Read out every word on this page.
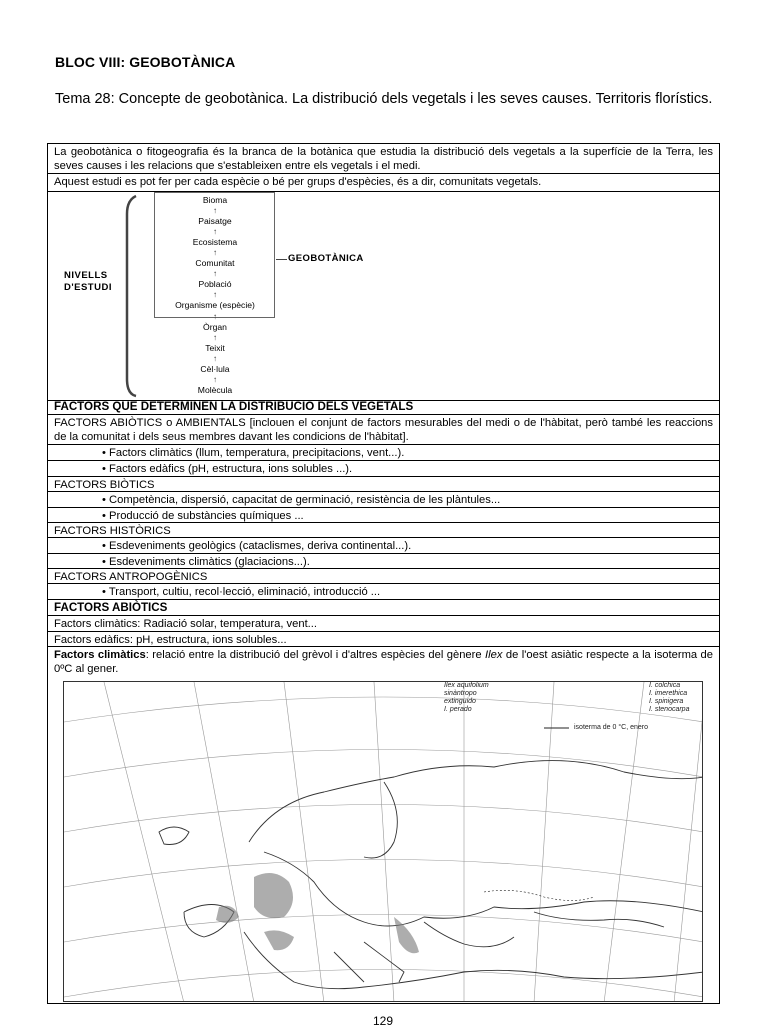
BLOC VIII: GEOBOTÀNICA
Tema 28: Concepte de geobotànica. La distribució dels vegetals i les seves causes. Territoris florístics.
La geobotànica o fitogeografia és la branca de la botànica que estudia la distribució dels vegetals a la superfície de la Terra, les seves causes i les relacions que s'estableixen entre els vegetals i el medi.
Aquest estudi es pot fer per cada espècie o bé per grups d'espècies, és a dir, comunitats vegetals.
NIVELLS
D'ESTUDI
Bioma
↑
Paisatge
↑
Ecosistema
↑
Comunitat
↑
Població
↑
Organisme (espècie)
↑
Òrgan
↑
Teixit
↑
Cèl·lula
↑
Molècula
GEOBOTÀNICA
FACTORS QUE DETERMINEN LA DISTRIBUCIO DELS VEGETALS
FACTORS ABIÒTICS o AMBIENTALS [inclouen el conjunt de factors mesurables del medi o de l'hàbitat, però també les reaccions de la comunitat i dels seus membres davant les condicions de l'hàbitat].
• Factors climàtics (llum, temperatura, precipitacions, vent...).
• Factors edàfics (pH, estructura, ions solubles ...).
FACTORS BIÒTICS
• Competència, dispersió, capacitat de germinació, resistència de les plàntules...
• Producció de substàncies químiques ...
FACTORS HISTÒRICS
• Esdeveniments geològics (cataclismes, deriva continental...).
• Esdeveniments climàtics (glaciacions...).
FACTORS ANTROPOGÈNICS
• Transport, cultiu, recol·lecció, eliminació, introducció ...
FACTORS ABIÒTICS
Factors climàtics: Radiació solar, temperatura, vent...
Factors edàfics: pH, estructura, ions solubles...
Factors climàtics: relació entre la distribució del grèvol i d'altres espècies del gènere Ilex de l'oest asiàtic respecte a la isoterma de 0ºC al gener.
Ilex aquifolium
sinàntropo
extinguido
I. perado
I. colchica
I. imerethica
I. spinigera
I. stenocarpa
isoterma de 0 °C, enero
129
